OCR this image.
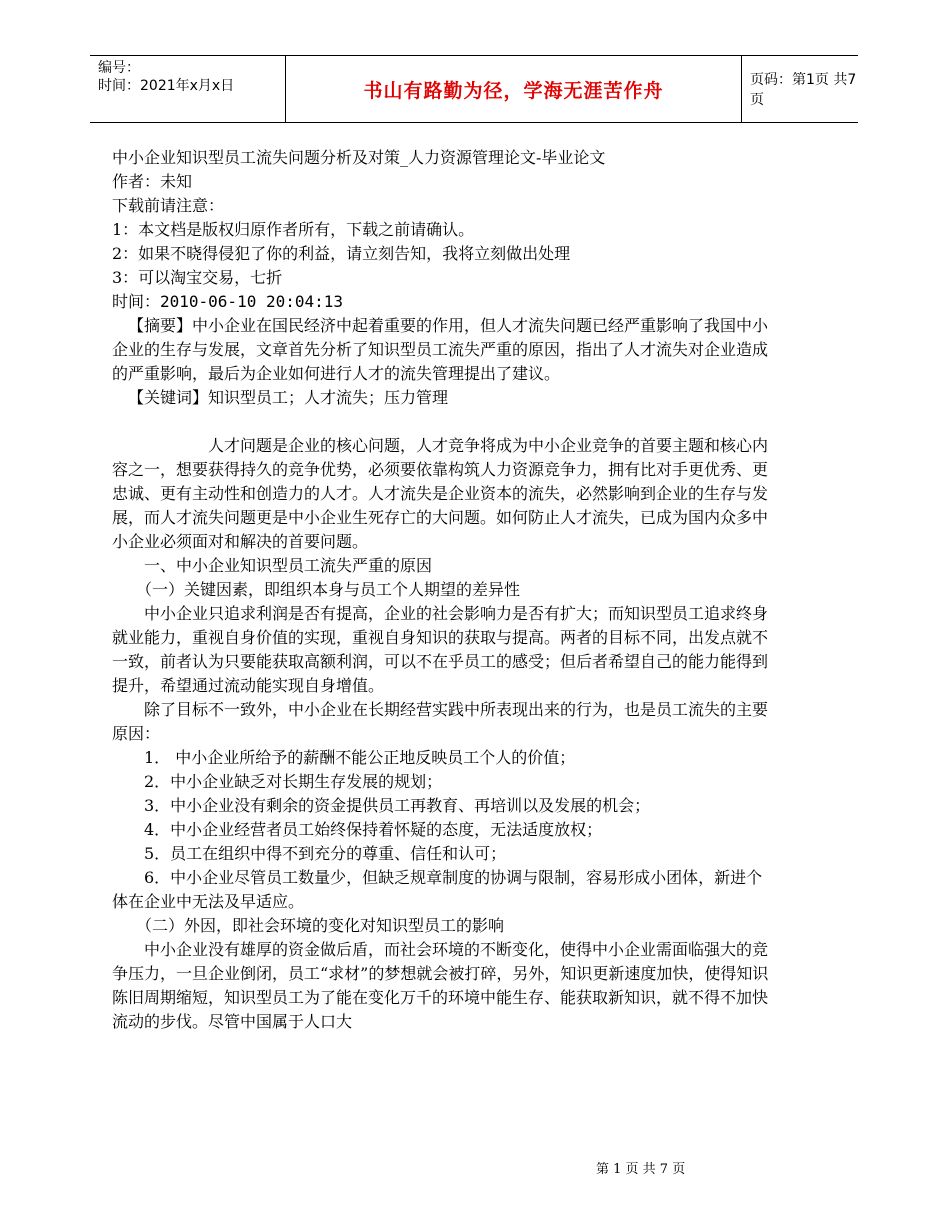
编号：
时间：2021年x月x日	书山有路勤为径，学海无涯苦作舟	页码：第1页 共7页

中小企业知识型员工流失问题分析及对策_人力资源管理论文-毕业论文

作者：未知

下载前请注意：

1：本文档是版权归原作者所有，下载之前请确认。

2：如果不晓得侵犯了你的利益，请立刻告知，我将立刻做出处理

3：可以淘宝交易，七折

时间：2010-06-10 20:04:13

【摘要】中小企业在国民经济中起着重要的作用，但人才流失问题已经严重影响了我国中小企业的生存与发展，文章首先分析了知识型员工流失严重的原因，指出了人才流失对企业造成的严重影响，最后为企业如何进行人才的流失管理提出了建议。

【关键词】知识型员工；人才流失；压力管理

人才问题是企业的核心问题，人才竞争将成为中小企业竞争的首要主题和核心内容之一，想要获得持久的竞争优势，必须要依靠构筑人力资源竞争力，拥有比对手更优秀、更忠诚、更有主动性和创造力的人才。人才流失是企业资本的流失，必然影响到企业的生存与发展，而人才流失问题更是中小企业生死存亡的大问题。如何防止人才流失，已成为国内众多中小企业必须面对和解决的首要问题。

一、中小企业知识型员工流失严重的原因

（一）关键因素，即组织本身与员工个人期望的差异性

中小企业只追求利润是否有提高，企业的社会影响力是否有扩大；而知识型员工追求终身就业能力，重视自身价值的实现，重视自身知识的获取与提高。两者的目标不同，出发点就不一致，前者认为只要能获取高额利润，可以不在乎员工的感受；但后者希望自己的能力能得到提升，希望通过流动能实现自身增值。

除了目标不一致外，中小企业在长期经营实践中所表现出来的行为，也是员工流失的主要原因：

1． 中小企业所给予的薪酬不能公正地反映员工个人的价值；

2．中小企业缺乏对长期生存发展的规划；

3．中小企业没有剩余的资金提供员工再教育、再培训以及发展的机会；

4．中小企业经营者员工始终保持着怀疑的态度，无法适度放权；

5．员工在组织中得不到充分的尊重、信任和认可；

6．中小企业尽管员工数量少，但缺乏规章制度的协调与限制，容易形成小团体，新进个体在企业中无法及早适应。

（二）外因，即社会环境的变化对知识型员工的影响

中小企业没有雄厚的资金做后盾，而社会环境的不断变化，使得中小企业需面临强大的竞争压力，一旦企业倒闭，员工“求材”的梦想就会被打碎，另外，知识更新速度加快，使得知识陈旧周期缩短，知识型员工为了能在变化万千的环境中能生存、能获取新知识，就不得不加快流动的步伐。尽管中国属于人口大

第 1 页 共 7 页
